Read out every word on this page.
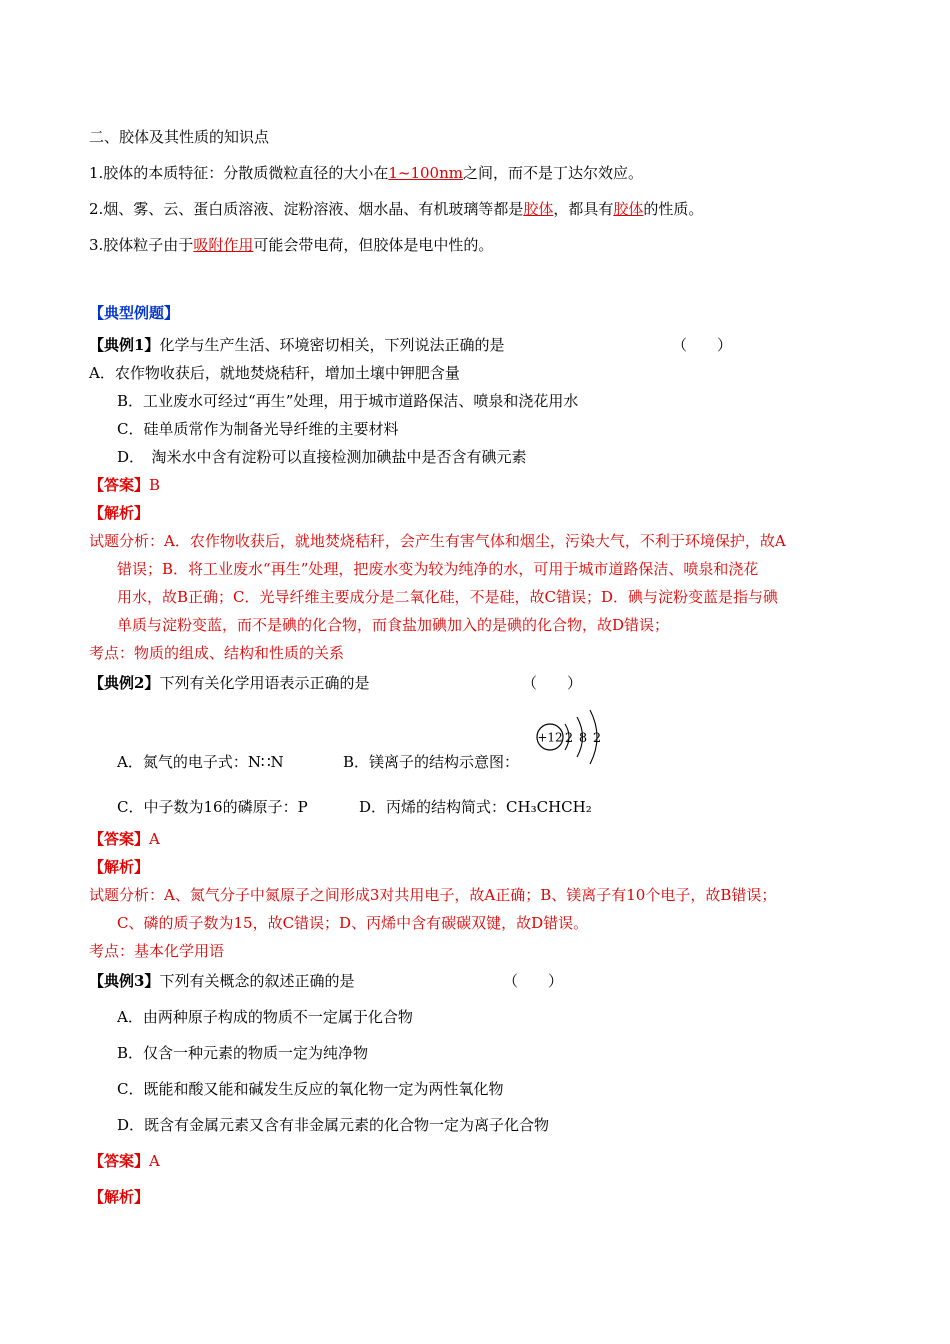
二、胶体及其性质的知识点
1.胶体的本质特征：分散质微粒直径的大小在1~100nm之间，而不是丁达尔效应。
2.烟、雾、云、蛋白质溶液、淀粉溶液、烟水晶、有机玻璃等都是胶体，都具有胶体的性质。
3.胶体粒子由于吸附作用可能会带电荷，但胶体是电中性的。
【典型例题】
【典例1】化学与生产生活、环境密切相关，下列说法正确的是	（　　）
A．农作物收获后，就地焚烧秸秆，增加土壤中钾肥含量
B．工业废水可经过“再生”处理，用于城市道路保洁、喷泉和浇花用水
C．硅单质常作为制备光导纤维的主要材料
D．　淘米水中含有淀粉可以直接检测加碘盐中是否含有碘元素
【答案】B
【解析】
试题分析：A．农作物收获后，就地焚烧秸秆，会产生有害气体和烟尘，污染大气，不利于环境保护，故A
错误；B．将工业废水“再生”处理，把废水变为较为纯净的水，可用于城市道路保洁、喷泉和浇花
用水，故B正确；C．光导纤维主要成分是二氧化硅，不是硅，故C错误；D．碘与淀粉变蓝是指与碘
单质与淀粉变蓝，而不是碘的化合物，而食盐加碘加入的是碘的化合物，故D错误；
考点：物质的组成、结构和性质的关系
【典例2】下列有关化学用语表示正确的是	（　　）
A．氮气的电子式：N∷N	B．镁离子的结构示意图：
+12 2 8 2
C．中子数为16的磷原子：P	D．丙烯的结构简式：CH₃CHCH₂
【答案】A
【解析】
试题分析：A、氮气分子中氮原子之间形成3对共用电子，故A正确；B、镁离子有10个电子，故B错误；
C、磷的质子数为15，故C错误；D、丙烯中含有碳碳双键，故D错误。
考点：基本化学用语
【典例3】下列有关概念的叙述正确的是	（　　）
A．由两种原子构成的物质不一定属于化合物
B．仅含一种元素的物质一定为纯净物
C．既能和酸又能和碱发生反应的氧化物一定为两性氧化物
D．既含有金属元素又含有非金属元素的化合物一定为离子化合物
【答案】A
【解析】
